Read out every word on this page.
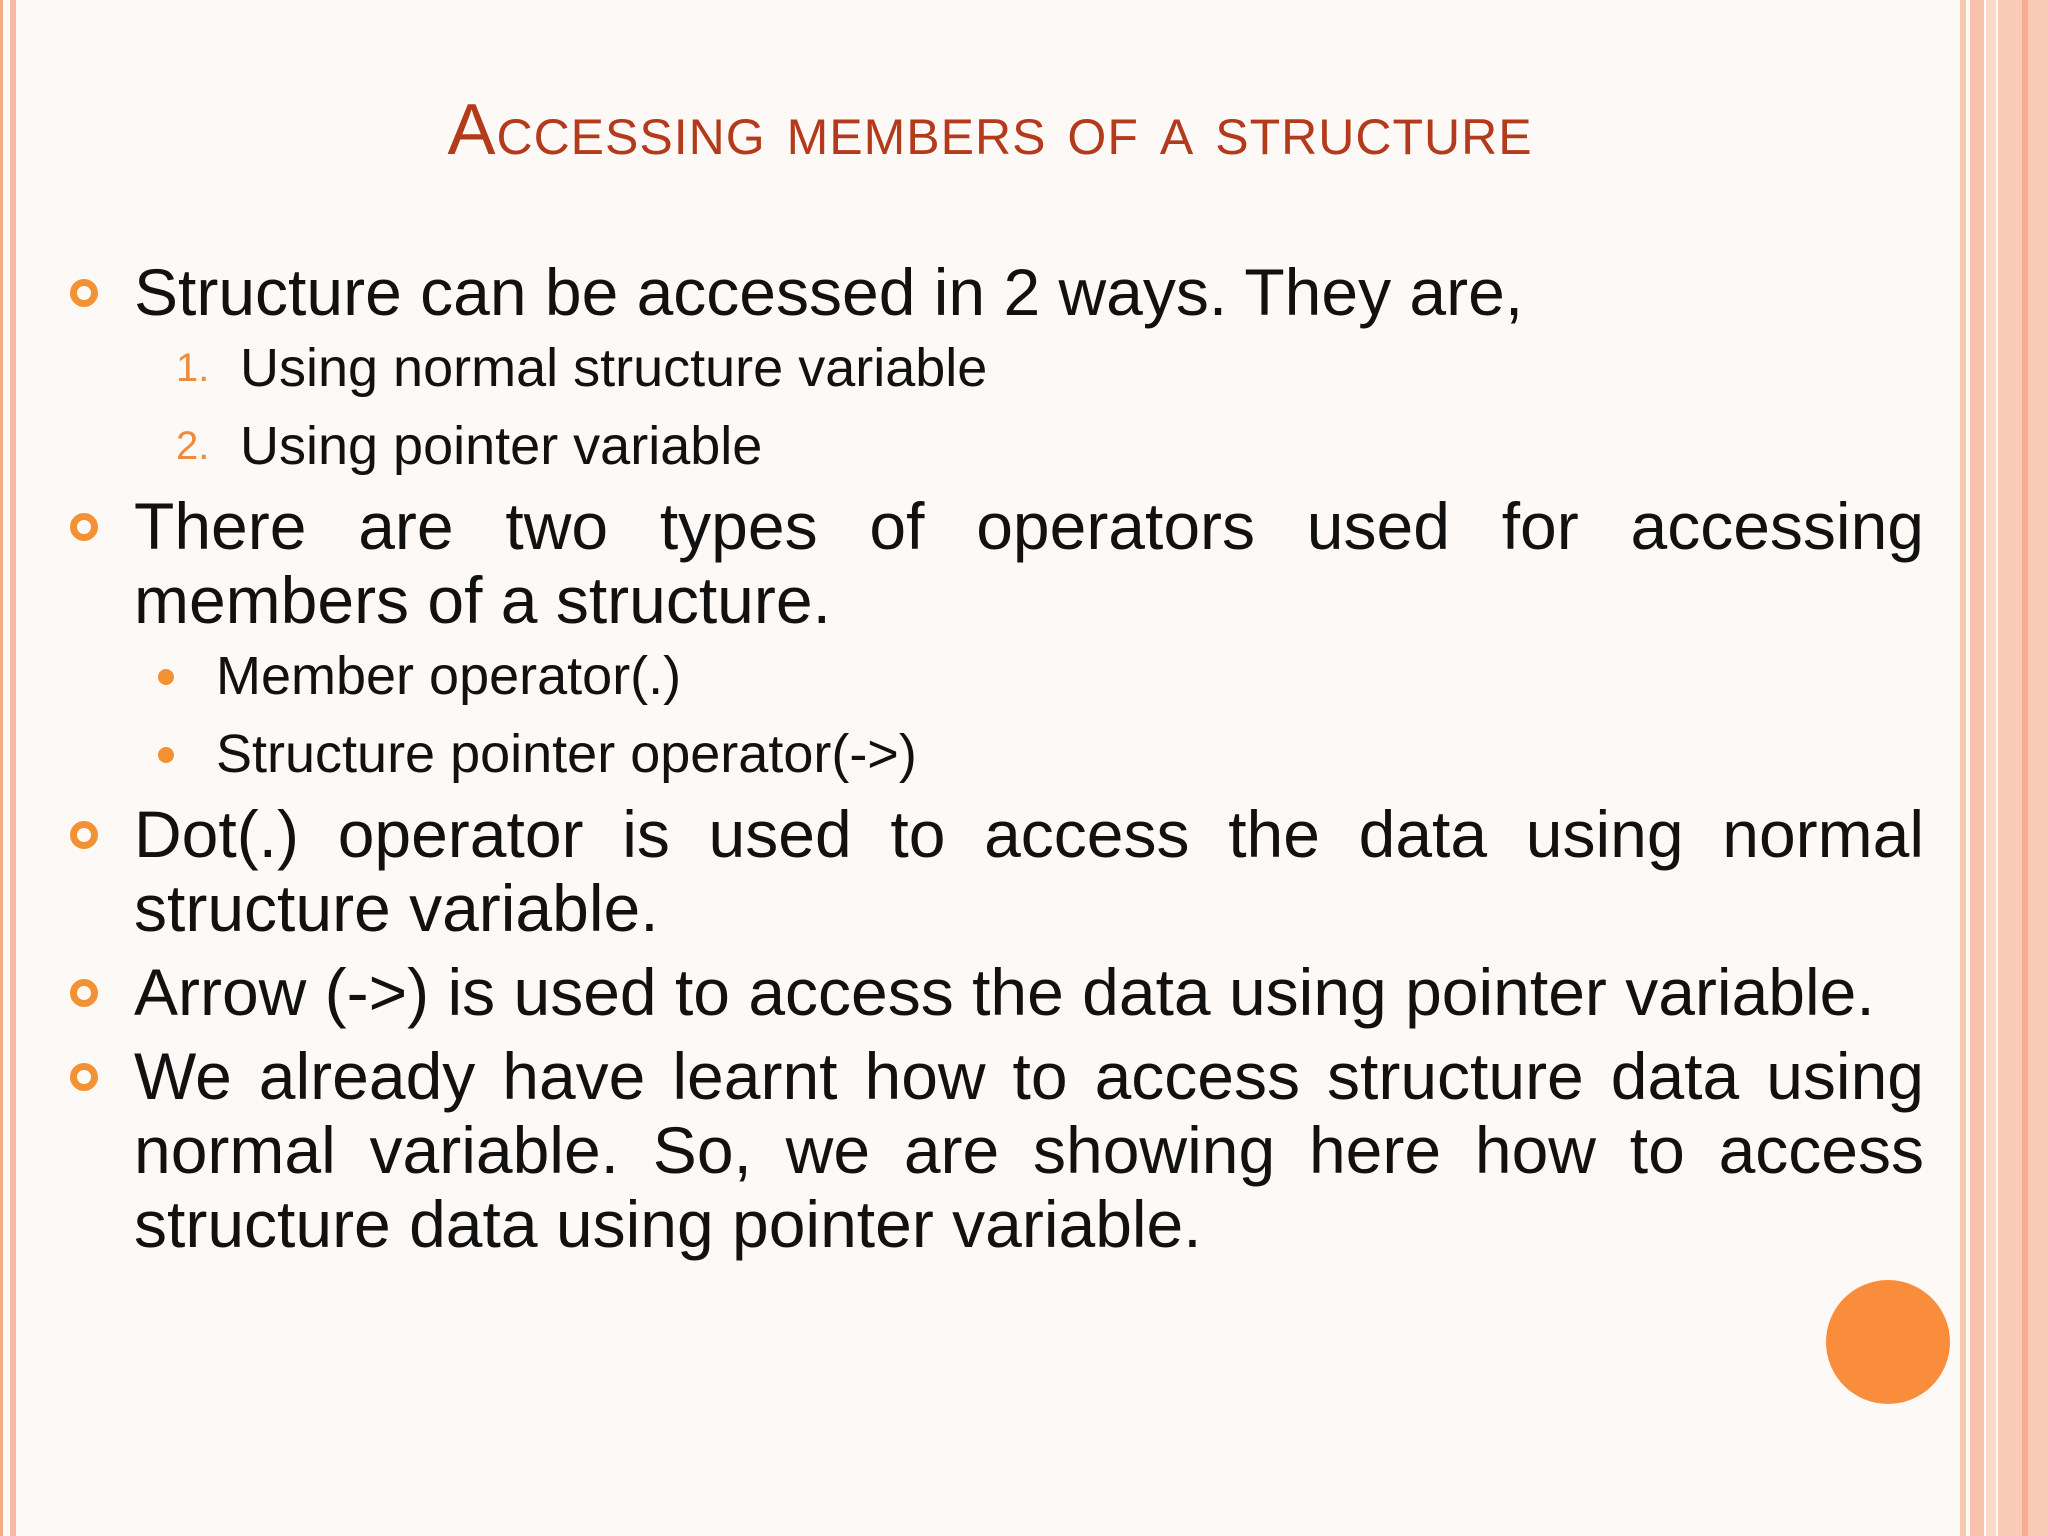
Accessing members of a structure
Structure can be accessed in 2 ways. They are,
1. Using normal structure variable
2. Using pointer variable
There are two types of operators used for accessing members of a structure.
Member operator(.)
Structure pointer operator(->)
Dot(.) operator is used to access the data using normal structure variable.
Arrow (->) is used to access the data using pointer variable.
We already have learnt how to access structure data using normal variable. So, we are showing here how to access structure data using pointer variable.
